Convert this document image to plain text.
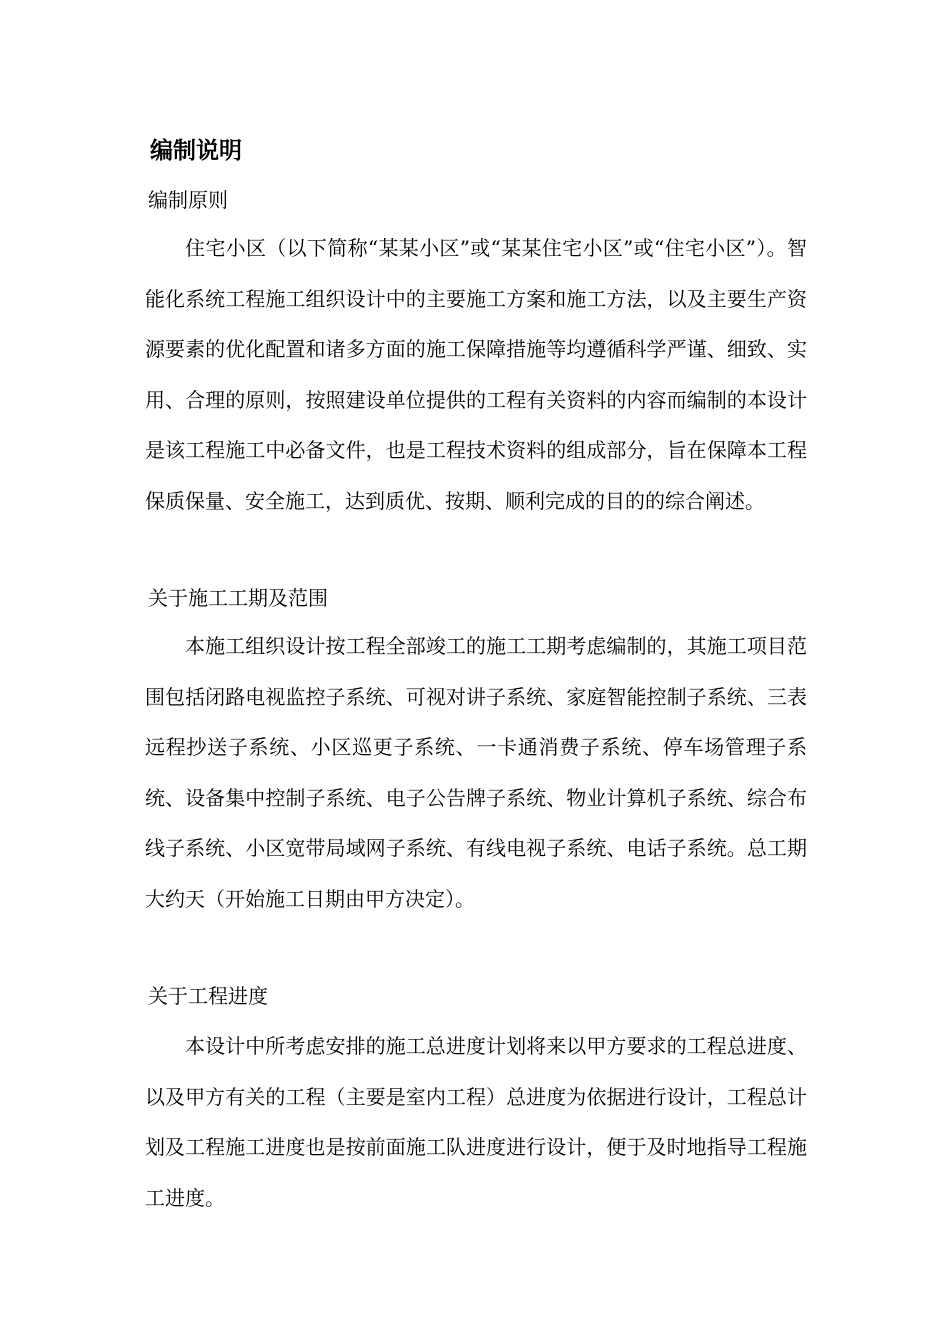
编制说明
编制原则

住宅小区（以下简称“某某小区”或“某某住宅小区”或“住宅小区”）。智能化系统工程施工组织设计中的主要施工方案和施工方法，以及主要生产资源要素的优化配置和诸多方面的施工保障措施等均遵循科学严谨、细致、实用、合理的原则，按照建设单位提供的工程有关资料的内容而编制的本设计是该工程施工中必备文件，也是工程技术资料的组成部分，旨在保障本工程保质保量、安全施工，达到质优、按期、顺利完成的目的的综合阐述。

关于施工工期及范围

本施工组织设计按工程全部竣工的施工工期考虑编制的，其施工项目范围包括闭路电视监控子系统、可视对讲子系统、家庭智能控制子系统、三表远程抄送子系统、小区巡更子系统、一卡通消费子系统、停车场管理子系统、设备集中控制子系统、电子公告牌子系统、物业计算机子系统、综合布线子系统、小区宽带局域网子系统、有线电视子系统、电话子系统。总工期大约天（开始施工日期由甲方决定）。

关于工程进度

本设计中所考虑安排的施工总进度计划将来以甲方要求的工程总进度、以及甲方有关的工程（主要是室内工程）总进度为依据进行设计，工程总计划及工程施工进度也是按前面施工队进度进行设计，便于及时地指导工程施工进度。
